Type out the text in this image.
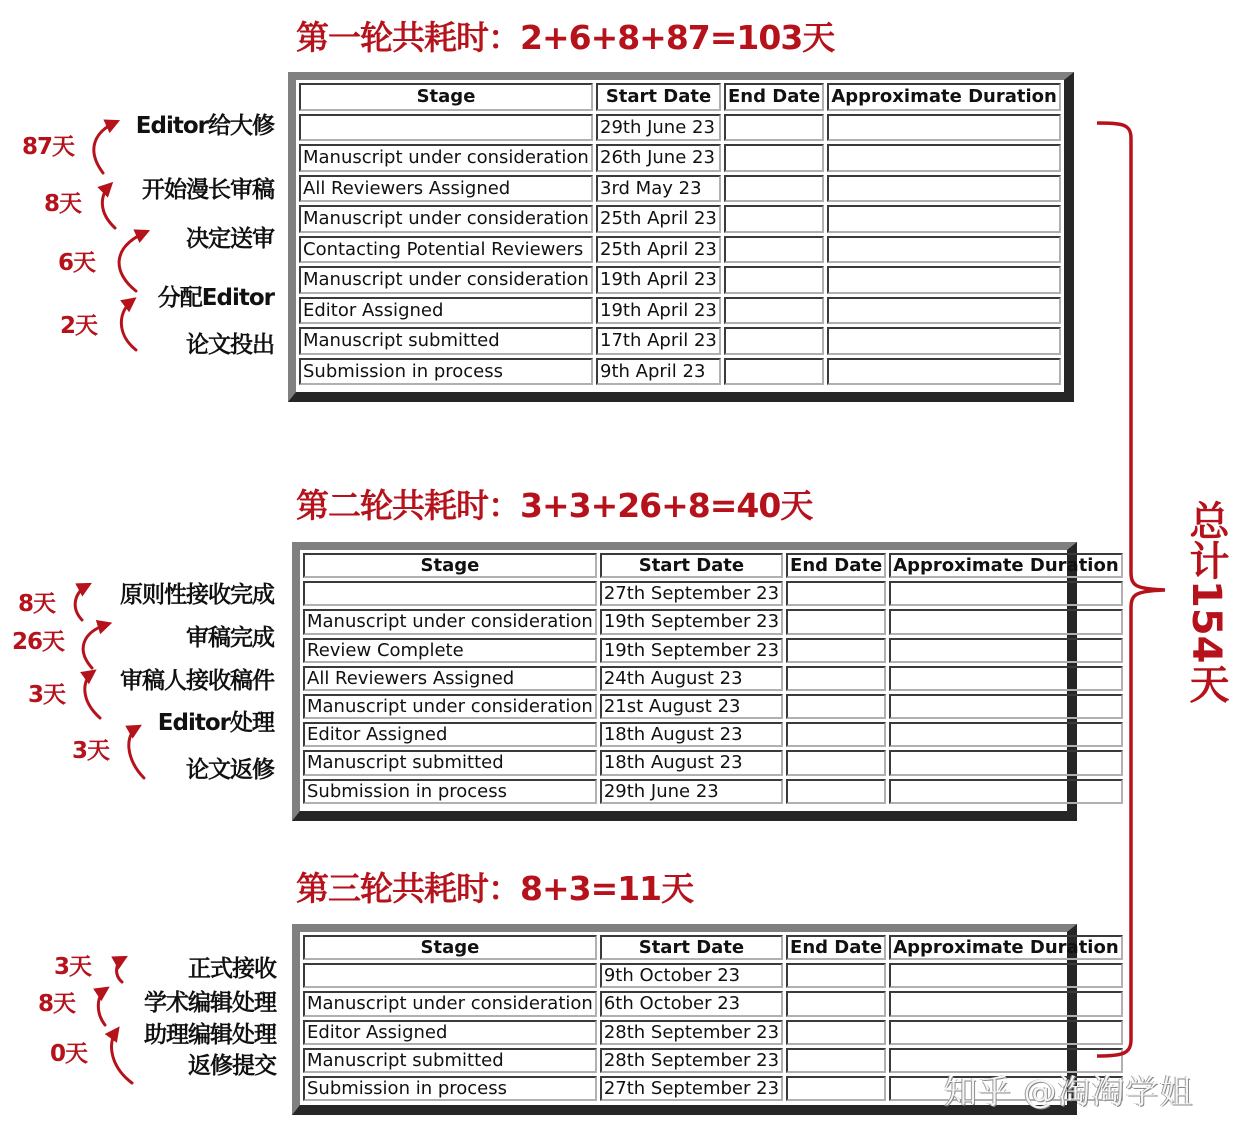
第一轮共耗时：2+6+8+87=103天
Stage	Start Date	End Date	Approximate Duration
	29th June 23		
Manuscript under consideration	26th June 23		
All Reviewers Assigned	3rd May 23		
Manuscript under consideration	25th April 23		
Contacting Potential Reviewers	25th April 23		
Manuscript under consideration	19th April 23		
Editor Assigned	19th April 23		
Manuscript submitted	17th April 23		
Submission in process	9th April 23		
Editor给大修
开始漫长审稿
决定送审
分配Editor
论文投出
87天
8天
6天
2天
第二轮共耗时：3+3+26+8=40天
Stage	Start Date	End Date	Approximate Duration
	27th September 23		
Manuscript under consideration	19th September 23		
Review Complete	19th September 23		
All Reviewers Assigned	24th August 23		
Manuscript under consideration	21st August 23		
Editor Assigned	18th August 23		
Manuscript submitted	18th August 23		
Submission in process	29th June 23		
原则性接收完成
审稿完成
审稿人接收稿件
Editor处理
论文返修
8天
26天
3天
3天
第三轮共耗时：8+3=11天
Stage	Start Date	End Date	Approximate Duration
	9th October 23		
Manuscript under consideration	6th October 23		
Editor Assigned	28th September 23		
Manuscript submitted	28th September 23		
Submission in process	27th September 23		
正式接收
学术编辑处理
助理编辑处理
返修提交
3天
8天
0天
总计154天
知乎 @淘淘学姐
